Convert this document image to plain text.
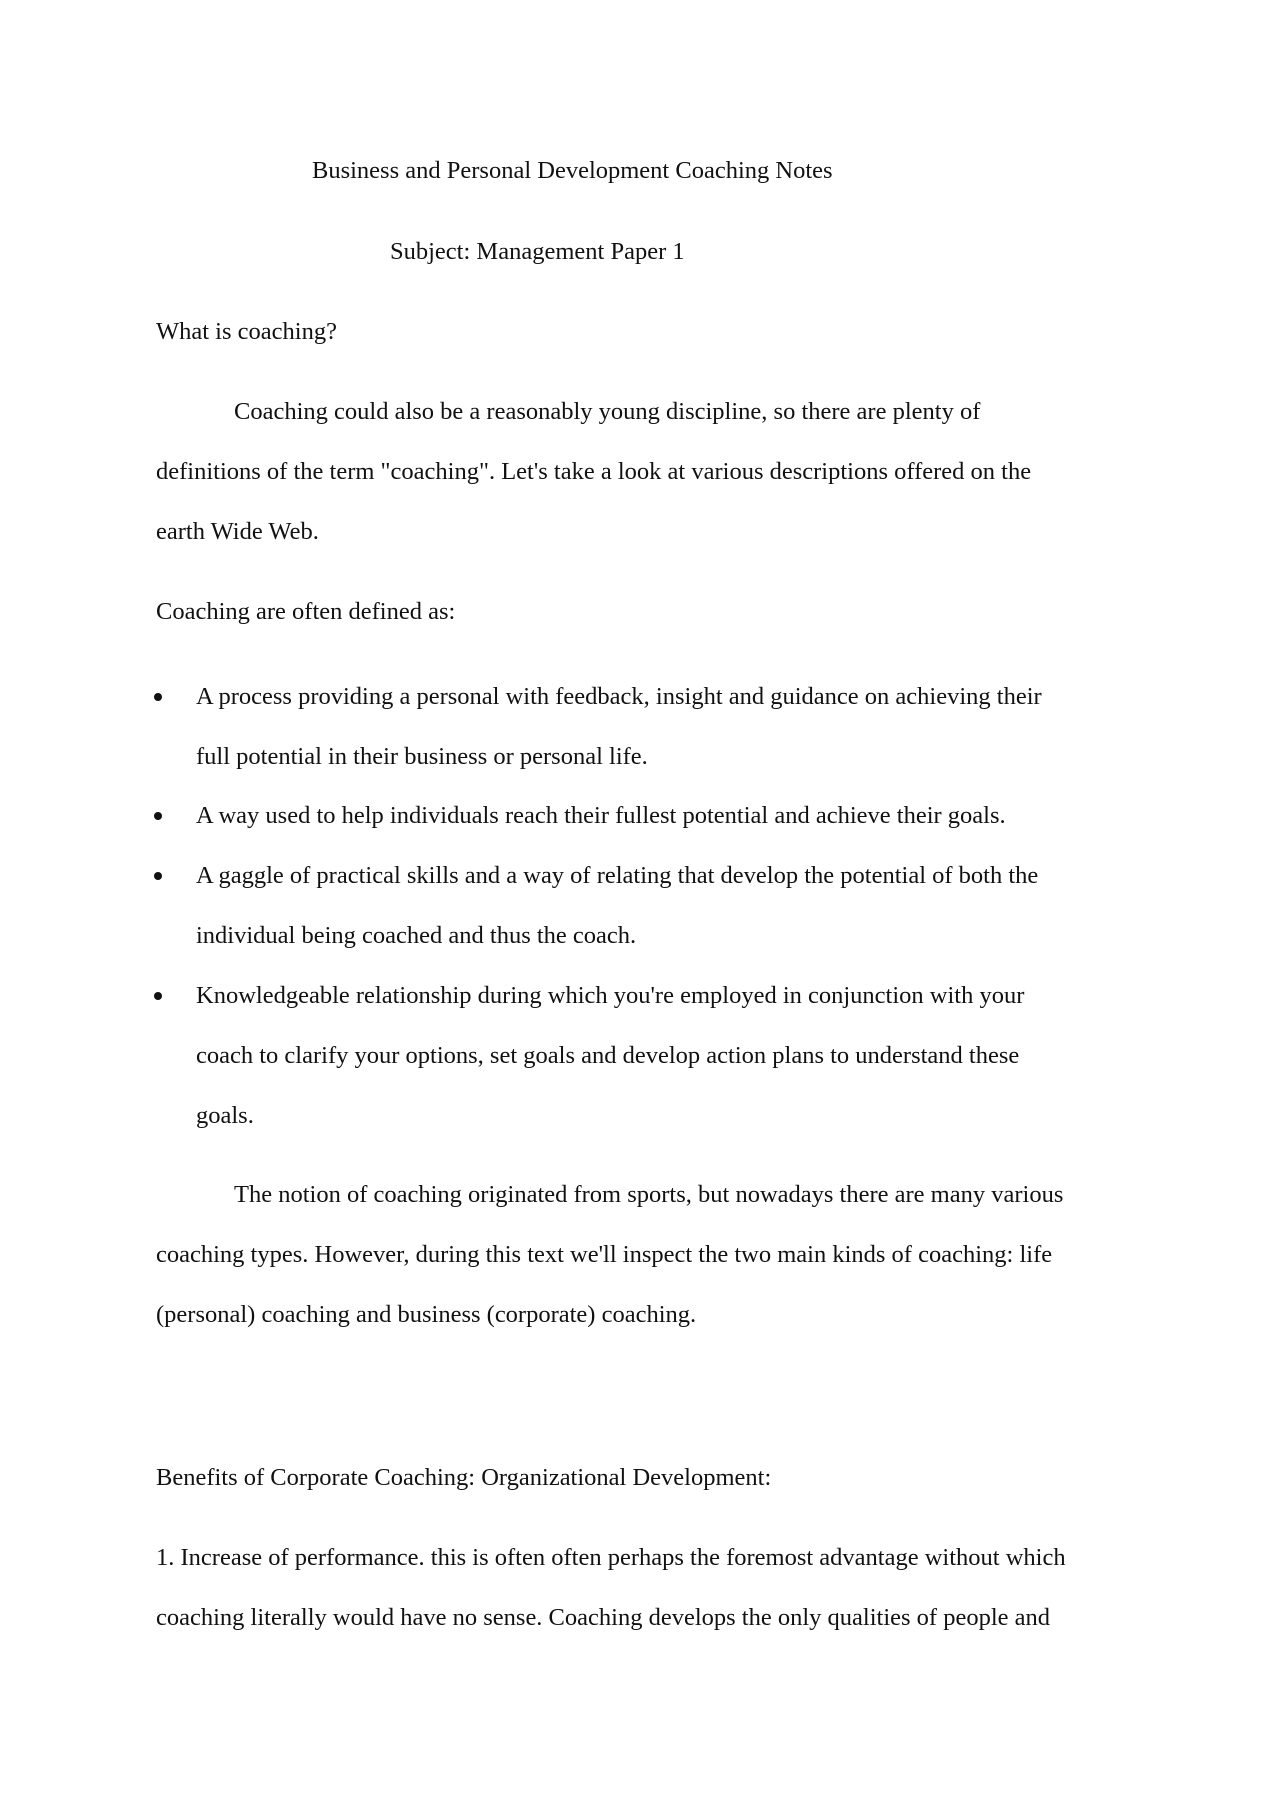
Business and Personal Development Coaching Notes
Subject: Management Paper 1
What is coaching?
Coaching could also be a reasonably young discipline, so there are plenty of
definitions of the term "coaching". Let's take a look at various descriptions offered on the
earth Wide Web.
Coaching are often defined as:
A process providing a personal with feedback, insight and guidance on achieving their
full potential in their business or personal life.
A way used to help individuals reach their fullest potential and achieve their goals.
A gaggle of practical skills and a way of relating that develop the potential of both the
individual being coached and thus the coach.
Knowledgeable relationship during which you're employed in conjunction with your
coach to clarify your options, set goals and develop action plans to understand these
goals.
The notion of coaching originated from sports, but nowadays there are many various
coaching types. However, during this text we'll inspect the two main kinds of coaching: life
(personal) coaching and business (corporate) coaching.
Benefits of Corporate Coaching: Organizational Development:
1. Increase of performance. this is often often perhaps the foremost advantage without which
coaching literally would have no sense. Coaching develops the only qualities of people and
